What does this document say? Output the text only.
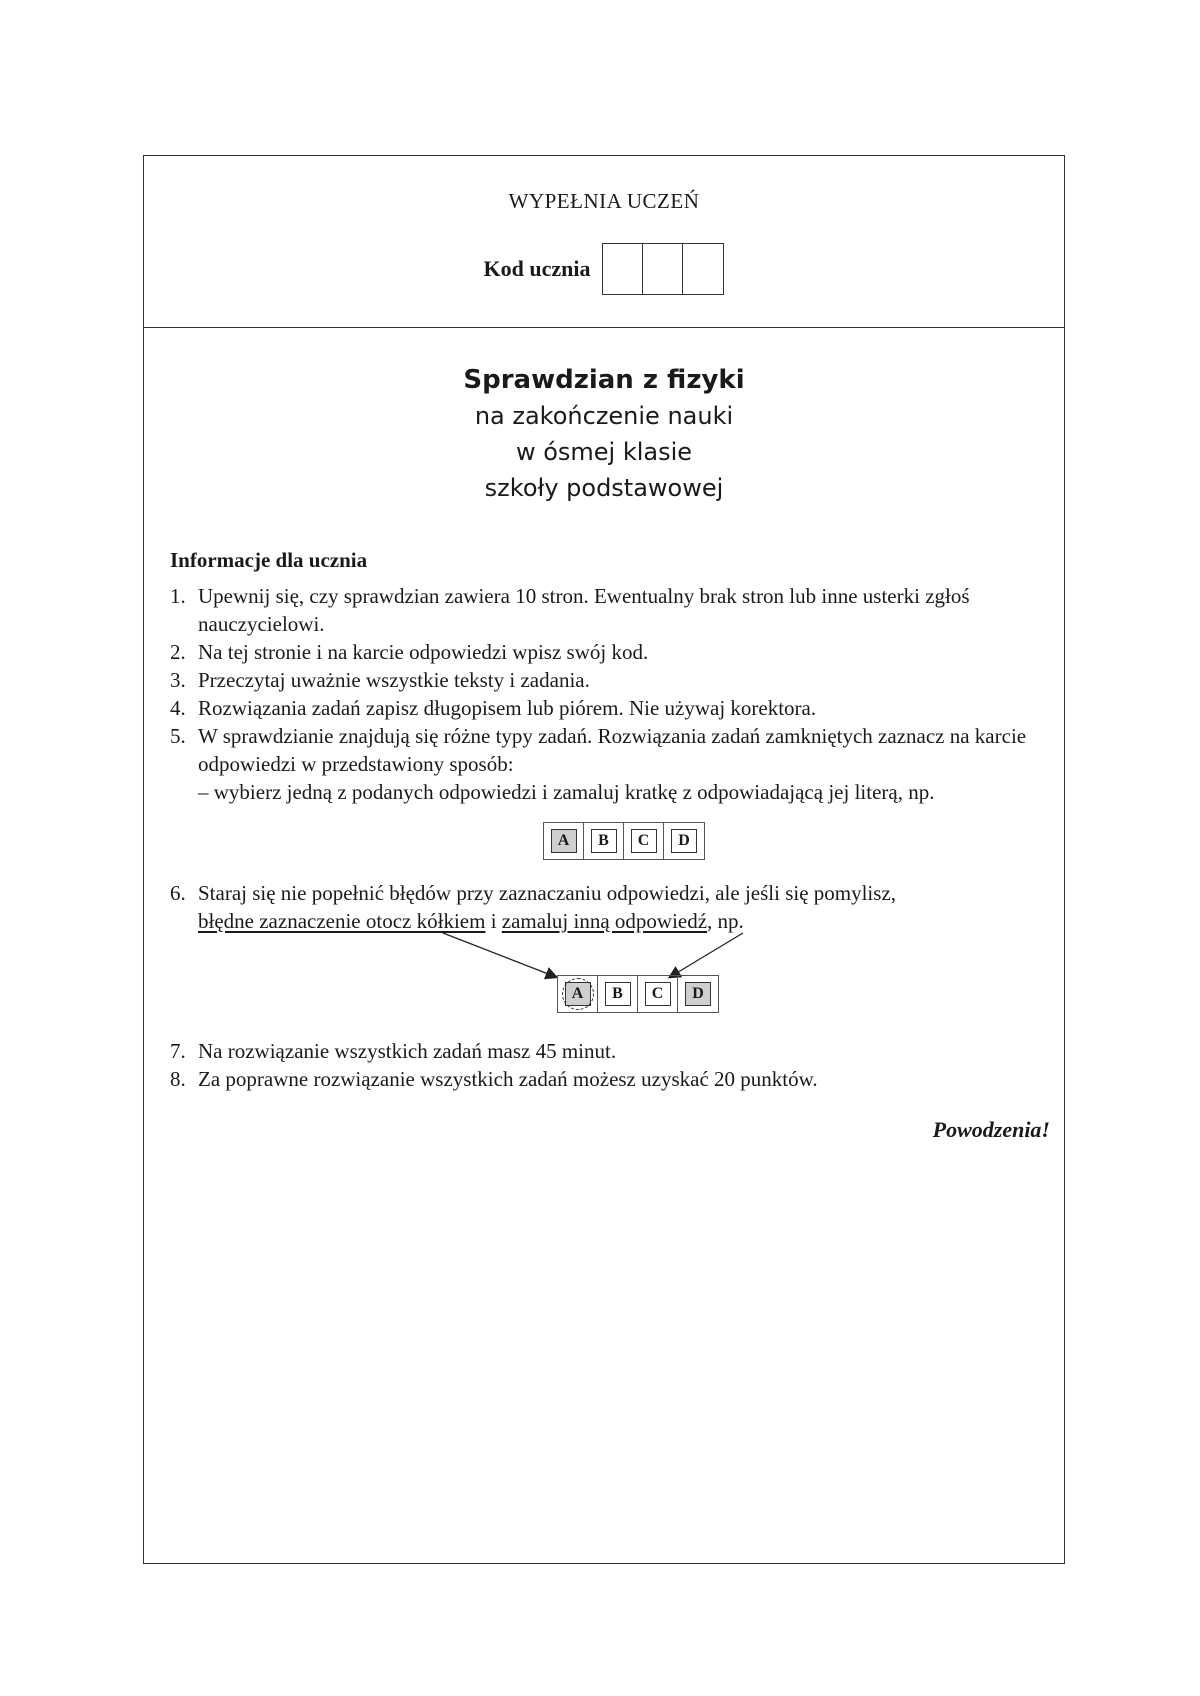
WYPEŁNIA UCZEŃ
Kod ucznia
Sprawdzian z fizyki
na zakończenie nauki
w ósmej klasie
szkoły podstawowej
Informacje dla ucznia
1. Upewnij się, czy sprawdzian zawiera 10 stron. Ewentualny brak stron lub inne usterki zgłoś nauczycielowi.
2. Na tej stronie i na karcie odpowiedzi wpisz swój kod.
3. Przeczytaj uważnie wszystkie teksty i zadania.
4. Rozwiązania zadań zapisz długopisem lub piórem. Nie używaj korektora.
5. W sprawdzianie znajdują się różne typy zadań. Rozwiązania zadań zamkniętych zaznacz na karcie odpowiedzi w przedstawiony sposób:
– wybierz jedną z podanych odpowiedzi i zamaluj kratkę z odpowiadającą jej literą, np.
A	B	C	D
6. Staraj się nie popełnić błędów przy zaznaczaniu odpowiedzi, ale jeśli się pomylisz,
błędne zaznaczenie otocz kółkiem i zamaluj inną odpowiedź, np.
A	B	C	D
7. Na rozwiązanie wszystkich zadań masz 45 minut.
8. Za poprawne rozwiązanie wszystkich zadań możesz uzyskać 20 punktów.
Powodzenia!
